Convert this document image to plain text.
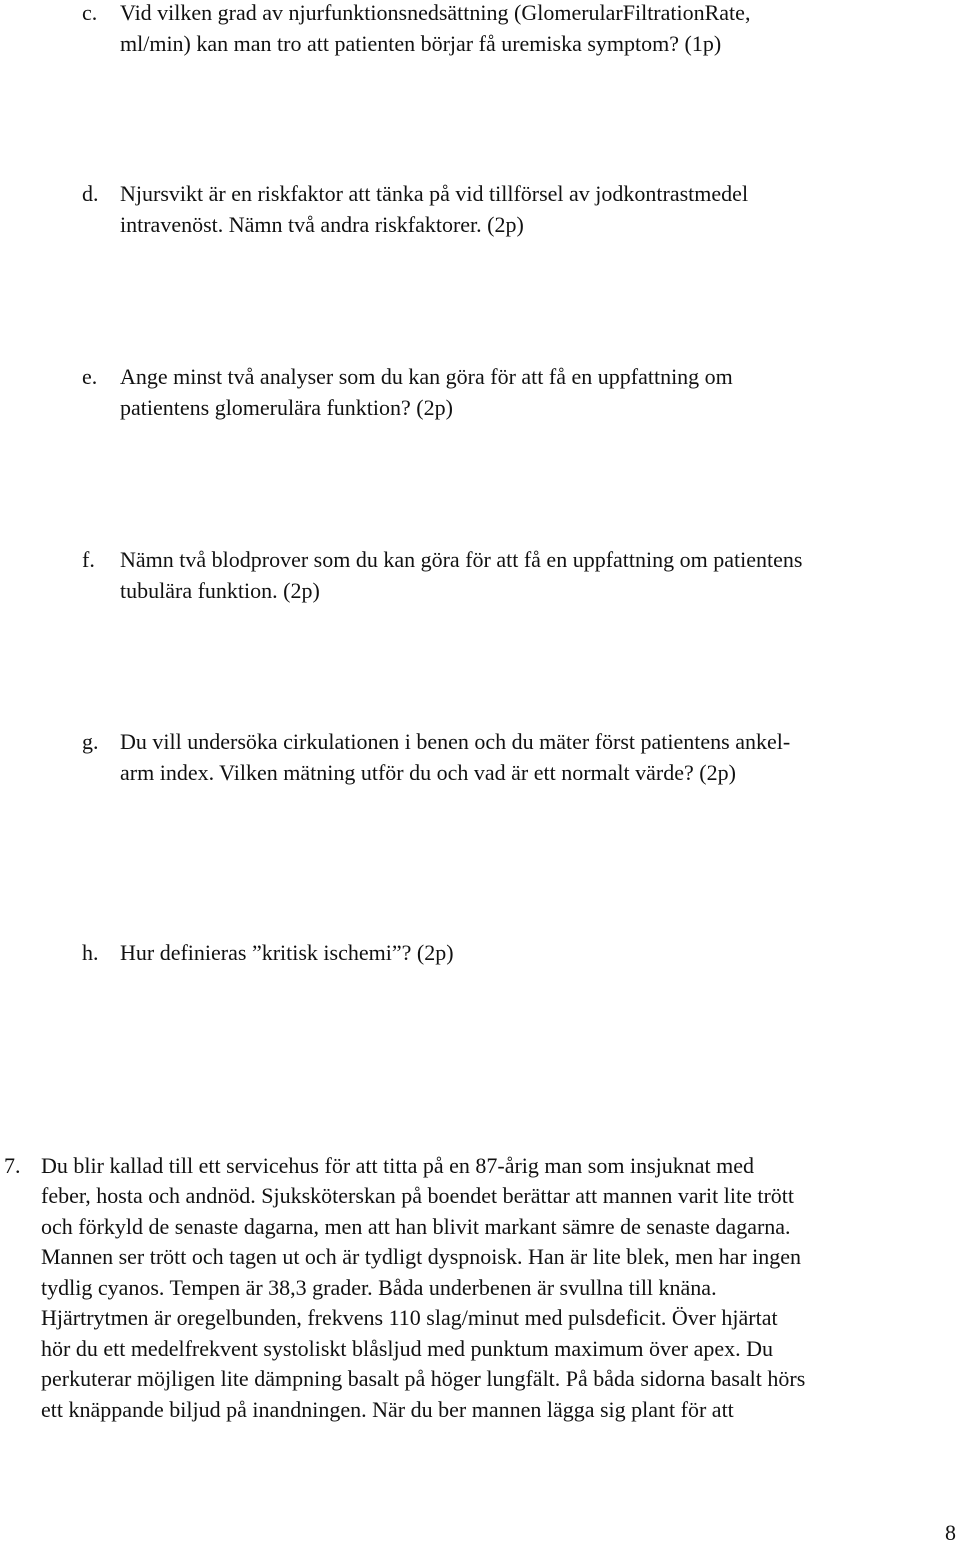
c. Vid vilken grad av njurfunktionsnedsättning (GlomerularFiltrationRate,
ml/min) kan man tro att patienten börjar få uremiska symptom? (1p)
d. Njursvikt är en riskfaktor att tänka på vid tillförsel av jodkontrastmedel
intravenöst. Nämn två andra riskfaktorer. (2p)
e. Ange minst två analyser som du kan göra för att få en uppfattning om
patientens glomerulära funktion? (2p)
f. Nämn två blodprover som du kan göra för att få en uppfattning om patientens
tubulära funktion. (2p)
g. Du vill undersöka cirkulationen i benen och du mäter först patientens ankel-
arm index. Vilken mätning utför du och vad är ett normalt värde? (2p)
h. Hur definieras ”kritisk ischemi”? (2p)
7. Du blir kallad till ett servicehus för att titta på en 87-årig man som insjuknat med
feber, hosta och andnöd. Sjuksköterskan på boendet berättar att mannen varit lite trött
och förkyld de senaste dagarna, men att han blivit markant sämre de senaste dagarna.
Mannen ser trött och tagen ut och är tydligt dyspnoisk. Han är lite blek, men har ingen
tydlig cyanos. Tempen är 38,3 grader. Båda underbenen är svullna till knäna.
Hjärtrytmen är oregelbunden, frekvens 110 slag/minut med pulsdeficit. Över hjärtat
hör du ett medelfrekvent systoliskt blåsljud med punktum maximum över apex. Du
perkuterar möjligen lite dämpning basalt på höger lungfält. På båda sidorna basalt hörs
ett knäppande biljud på inandningen. När du ber mannen lägga sig plant för att
8
